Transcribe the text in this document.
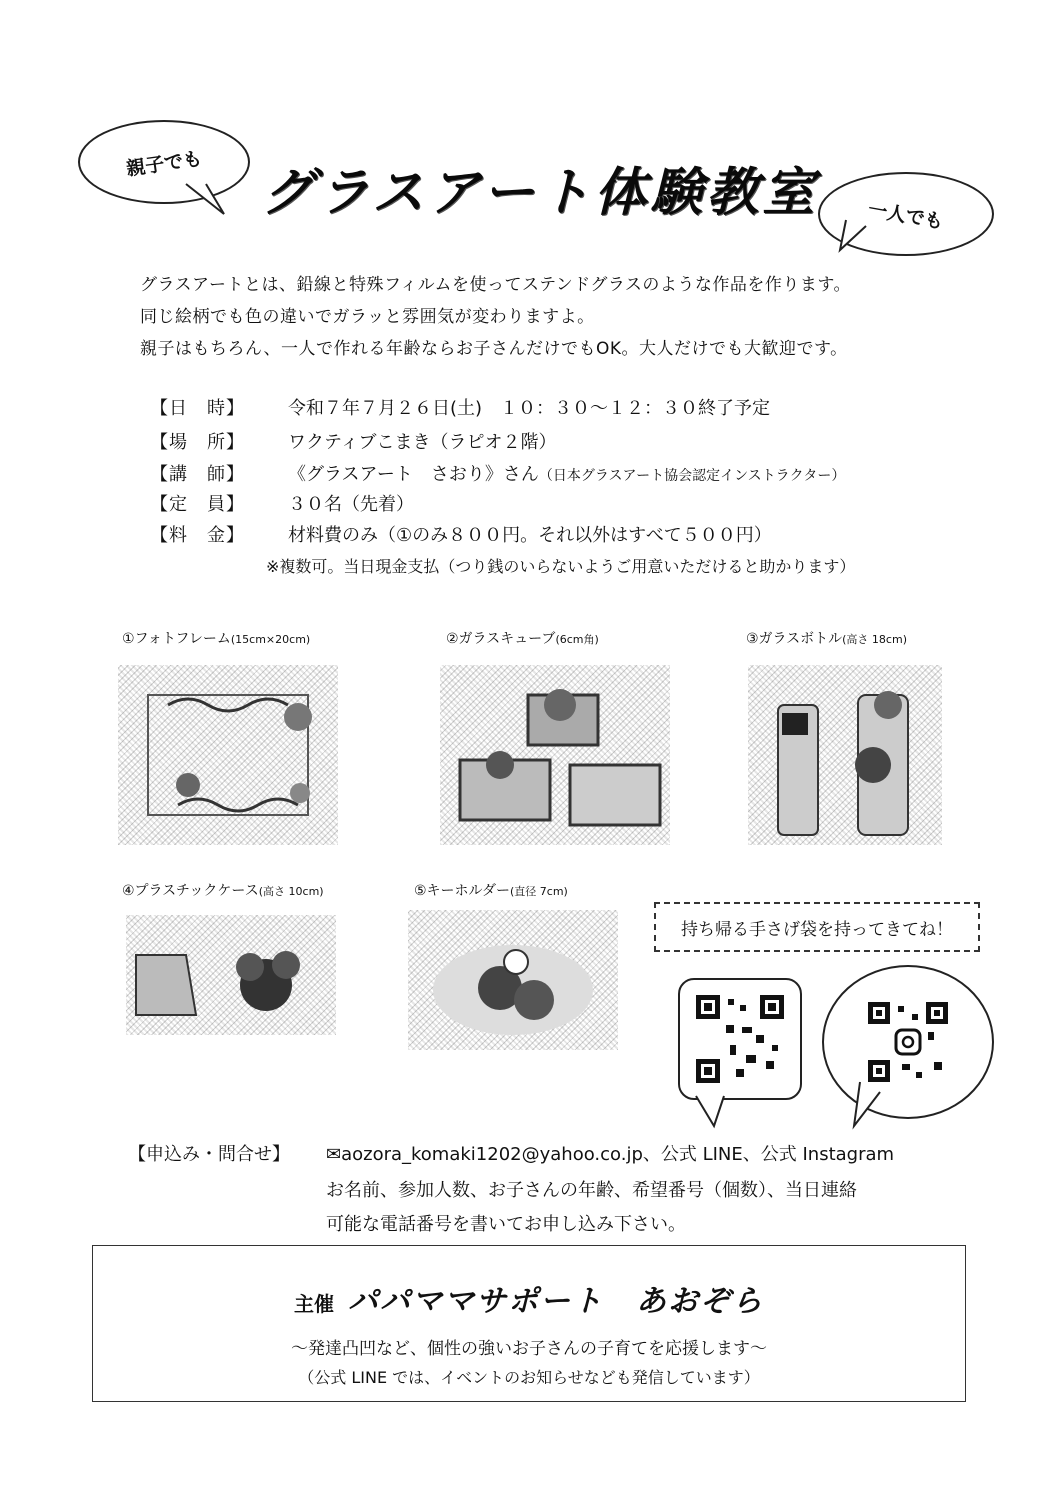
親子でも
一人でも
グラスアート体験教室
グラスアートとは、鉛線と特殊フィルムを使ってステンドグラスのような作品を作ります。
同じ絵柄でも色の違いでガラッと雰囲気が変わりますよ。
親子はもちろん、一人で作れる年齢ならお子さんだけでもOK。大人だけでも大歓迎です。
【日　時】	令和７年７月２６日(土)　１０：３０〜１２：３０終了予定
【場　所】	ワクティブこまき（ラピオ２階）
【講　師】	《グラスアート　さおり》さん（日本グラスアート協会認定インストラクター）
【定　員】	３０名（先着）
【料　金】	材料費のみ（①のみ８００円。それ以外はすべて５００円）
※複数可。当日現金支払（つり銭のいらないようご用意いただけると助かります）
①フォトフレーム(15cm×20cm)	②ガラスキューブ(6cm角)	③ガラスボトル(高さ 18cm)
④プラスチックケース(高さ 10cm)	⑤キーホルダー(直径 7cm)
持ち帰る手さげ袋を持ってきてね！
【申込み・問合せ】 ✉aozora_komaki1202@yahoo.co.jp、公式 LINE、公式 Instagram
お名前、参加人数、お子さんの年齢、希望番号（個数）、当日連絡
可能な電話番号を書いてお申し込み下さい。
主催 パパママサポート　あおぞら
〜発達凸凹など、個性の強いお子さんの子育てを応援します〜
（公式 LINE では、イベントのお知らせなども発信しています）
